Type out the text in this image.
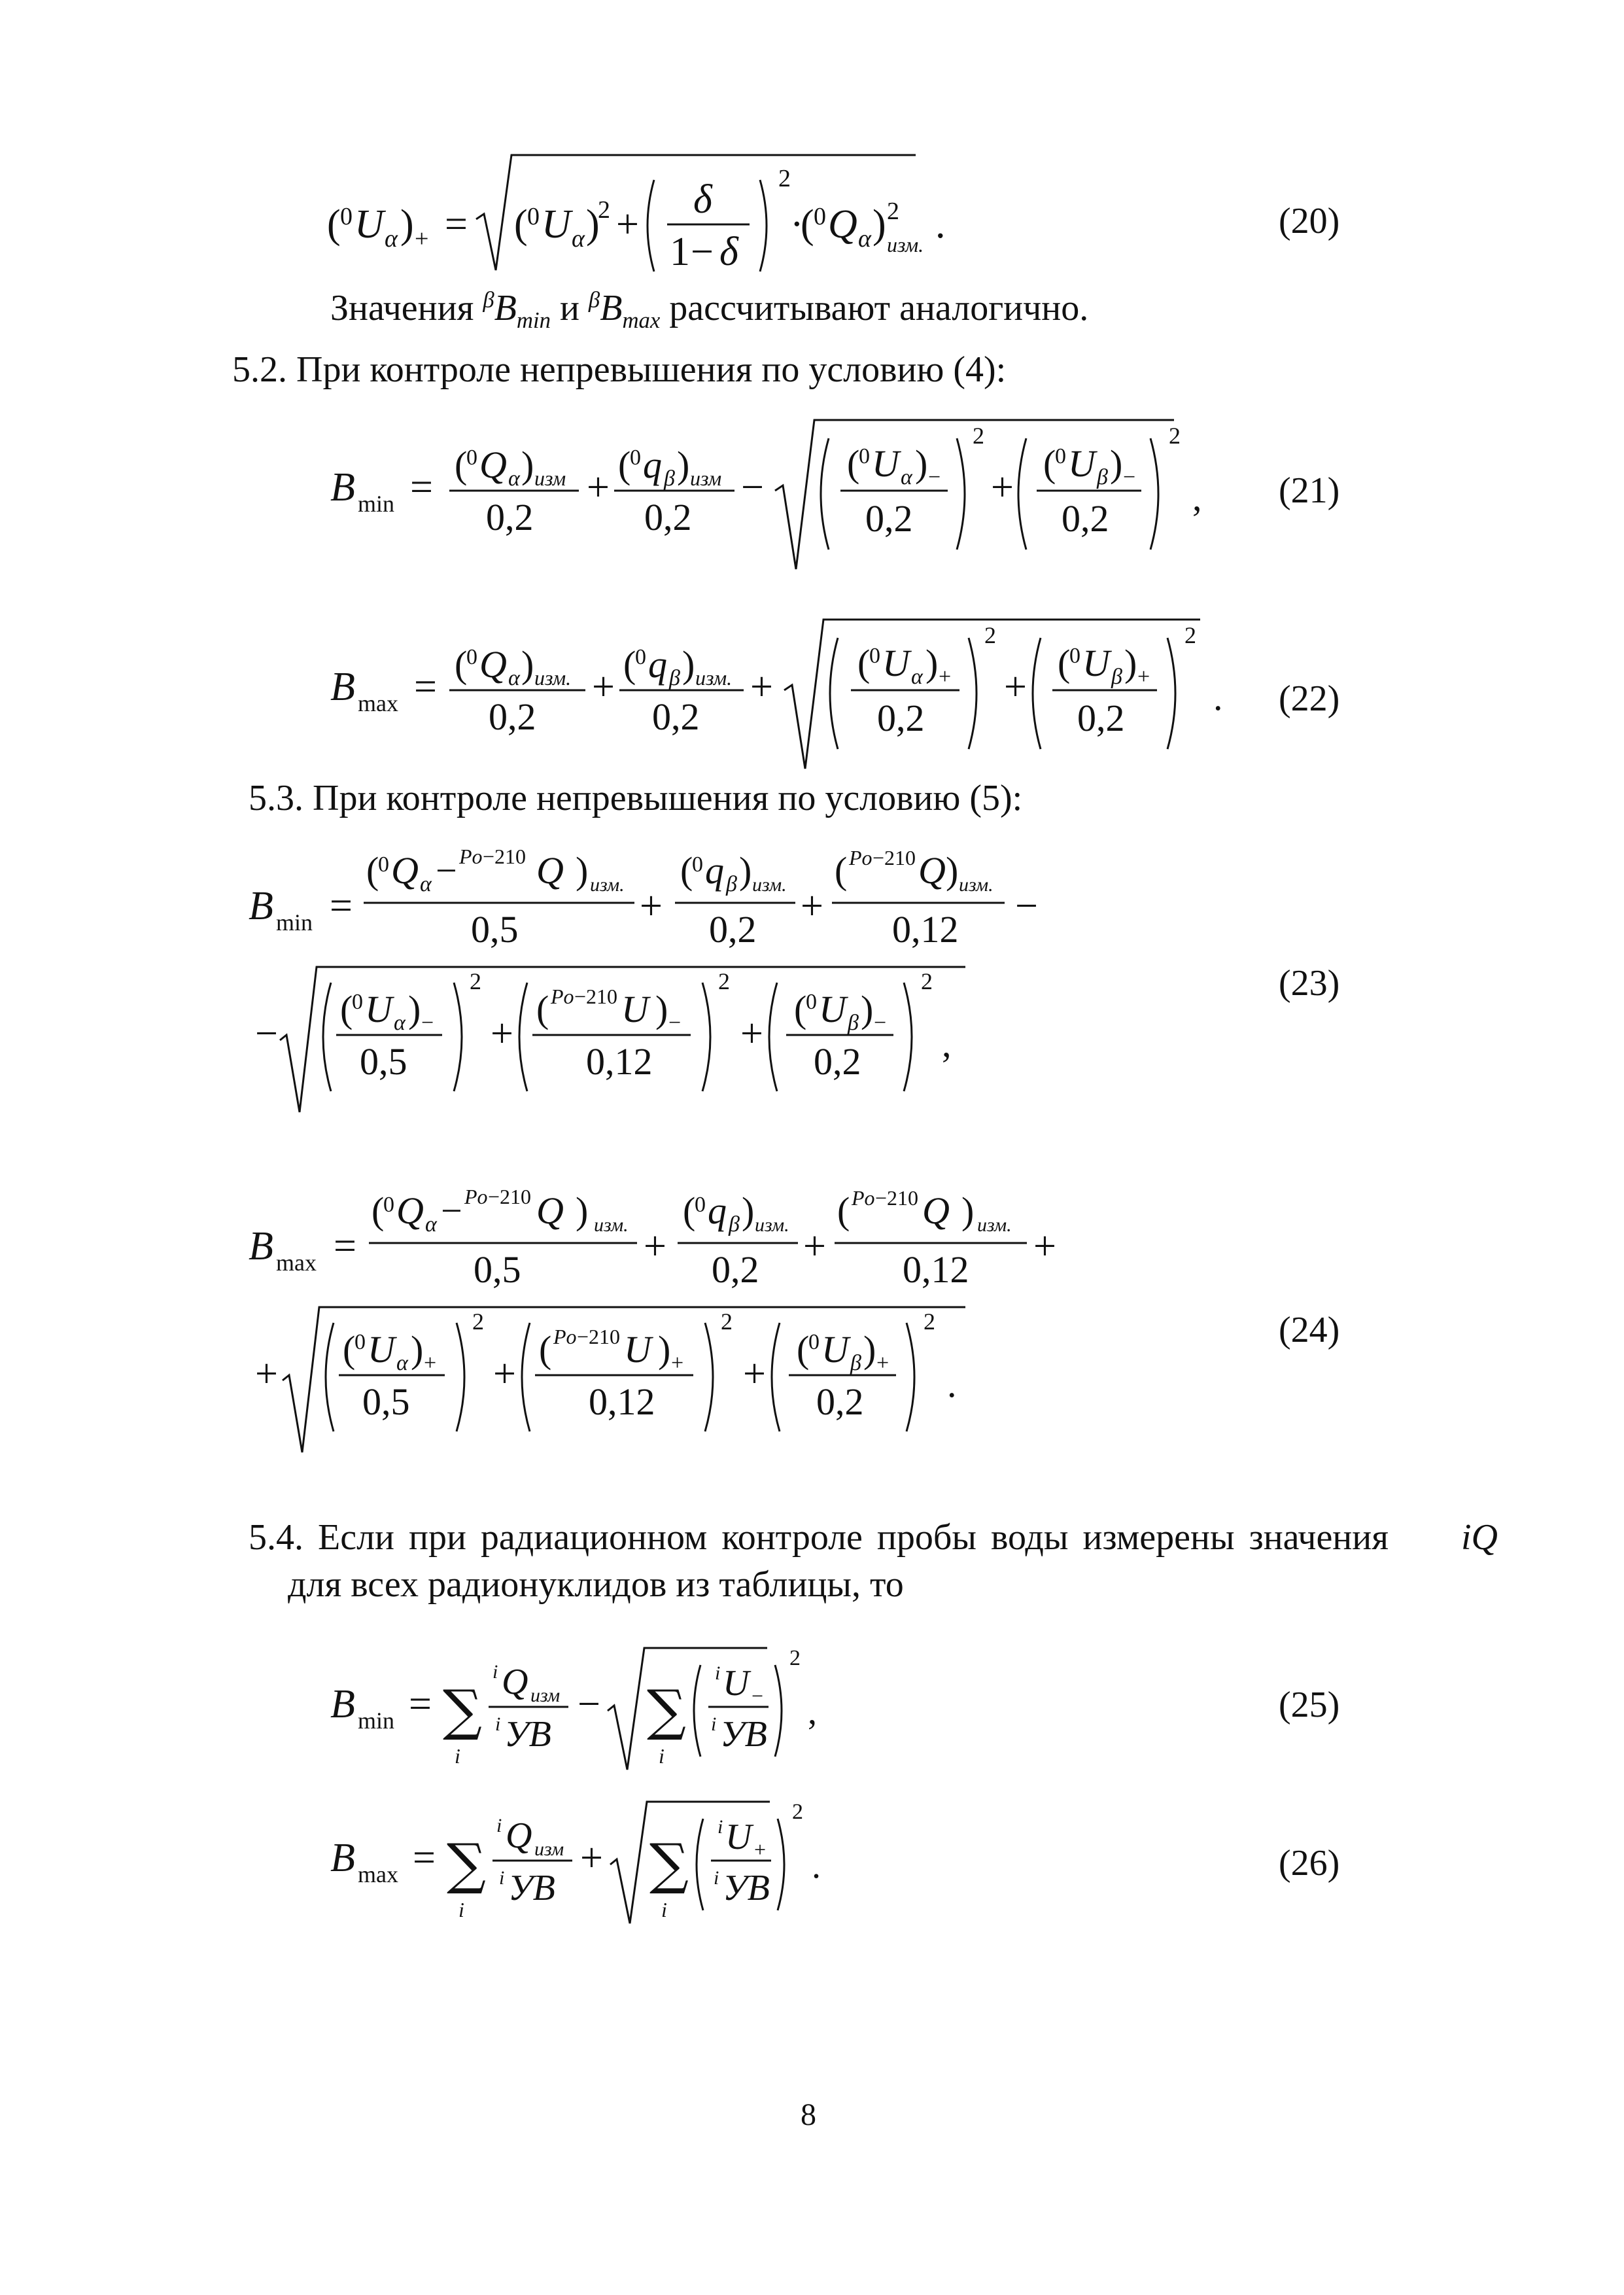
( 0 U α ) + = ( 0 U α )
2 +
δ
1 − δ
2
·
( 0 Q α ) 2
изм. .	(20)
Значения $^\beta B_{min}$ и $^\beta B_{max}$ рассчитывают аналогично.
5.2. При контроле непревышения по условию (4):
B min =
(
0 Q α ) изм
0,2
+
(
0 q β ) изм
0,2
−
(
0 U α ) −
0,2
2
+
(
0 U β ) −
0,2
2
, (21)
B max =
(
0 Q α ) изм.
0,2
+
(
0 q β ) изм.
0,2
+
(
0 U α ) +
0,2
2
+
(
0 U β ) +
0,2
2
. (22)
5.3. При контроле непревышения по условию (5):
B min =
(
0 Q α − Po −210 Q ) изм.
0,5
+
(
0 q β ) изм.
0,2
+
( Po −210 Q ) изм.
0,12
−
−
(
0 U α ) −
0,5
2
+
( Po −210 U ) −
0,12
2
+
(
0 U β ) −
0,2
2
,
(23)
B max =
(
0 Q α − Po −210 Q ) изм.
0,5
+
(
0 q β ) изм.
0,2
+
( Po −210 Q ) изм.
0,12
+
+
(
0 U α ) +
0,5
2
+
( Po −210 U ) +
0,12
2
+
(
0 U β ) +
0,2
2
.
(24)
5.4. Если при радиационном контроле пробы воды измерены значения iQ
для всех радионуклидов из таблицы, то
B min = ∑
i
i Q изм
i УВ
− ∑
i
i U −
i УВ
2
,	(25)
B max = ∑
i
i Q изм
i УВ
+ ∑
i
i U +
i УВ
2
.	(26)
8
